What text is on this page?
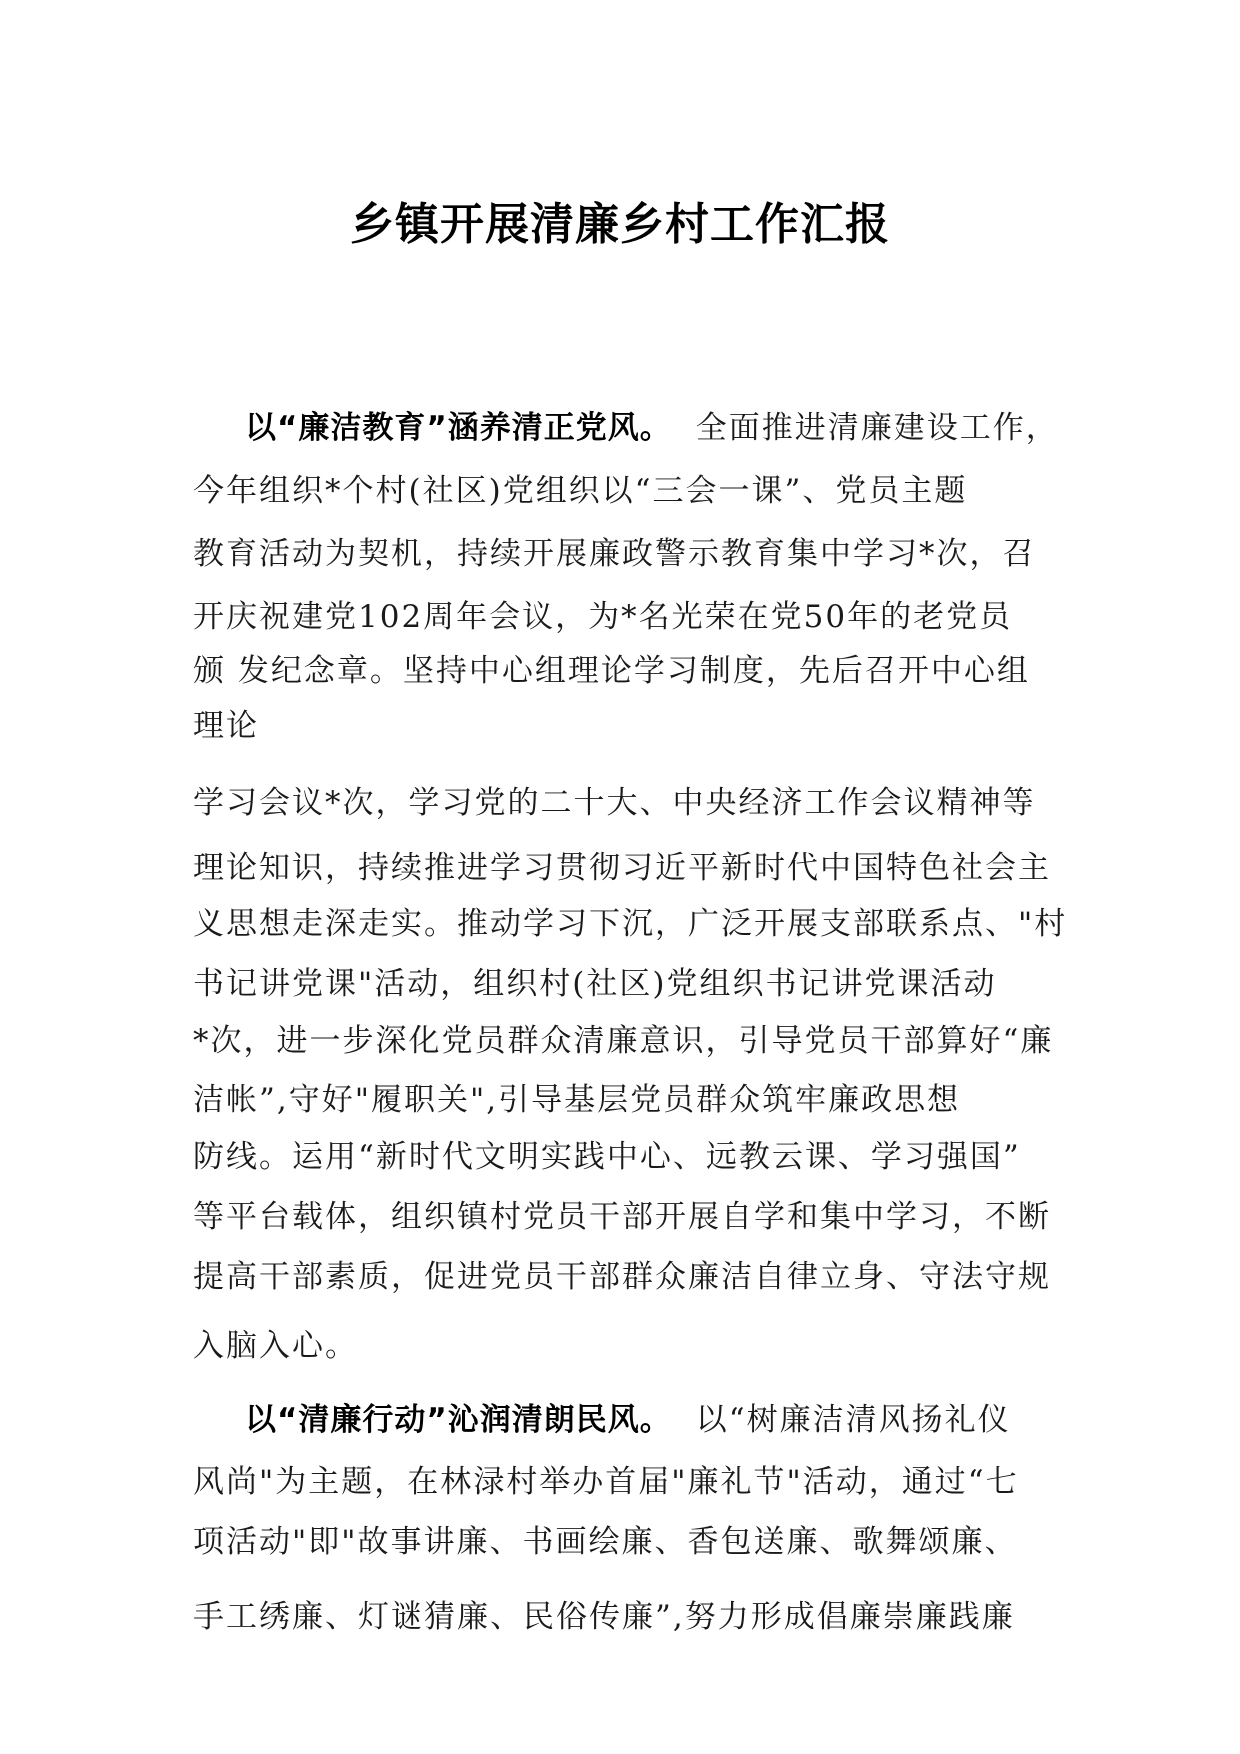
乡镇开展清廉乡村工作汇报
以“廉洁教育”涵养清正党风。 全面推进清廉建设工作，
今年组织*个村(社区)党组织以“三会一课”、党员主题
教育活动为契机，持续开展廉政警示教育集中学习*次，召
开庆祝建党102周年会议，为*名光荣在党50年的老党员
颁 发纪念章。坚持中心组理论学习制度，先后召开中心组
理论
学习会议*次，学习党的二十大、中央经济工作会议精神等
理论知识，持续推进学习贯彻习近平新时代中国特色社会主
义思想走深走实。推动学习下沉，广泛开展支部联系点、"村
书记讲党课"活动，组织村(社区)党组织书记讲党课活动
*次，进一步深化党员群众清廉意识，引导党员干部算好“廉
洁帐”,守好"履职关",引导基层党员群众筑牢廉政思想
防线。运用“新时代文明实践中心、远教云课、学习强国”
等平台载体，组织镇村党员干部开展自学和集中学习，不断
提高干部素质，促进党员干部群众廉洁自律立身、守法守规
入脑入心。
以“清廉行动”沁润清朗民风。 以“树廉洁清风扬礼仪
风尚"为主题，在林渌村举办首届"廉礼节"活动，通过“七
项活动"即"故事讲廉、书画绘廉、香包送廉、歌舞颂廉、
手工绣廉、灯谜猜廉、民俗传廉”,努力形成倡廉崇廉践廉
